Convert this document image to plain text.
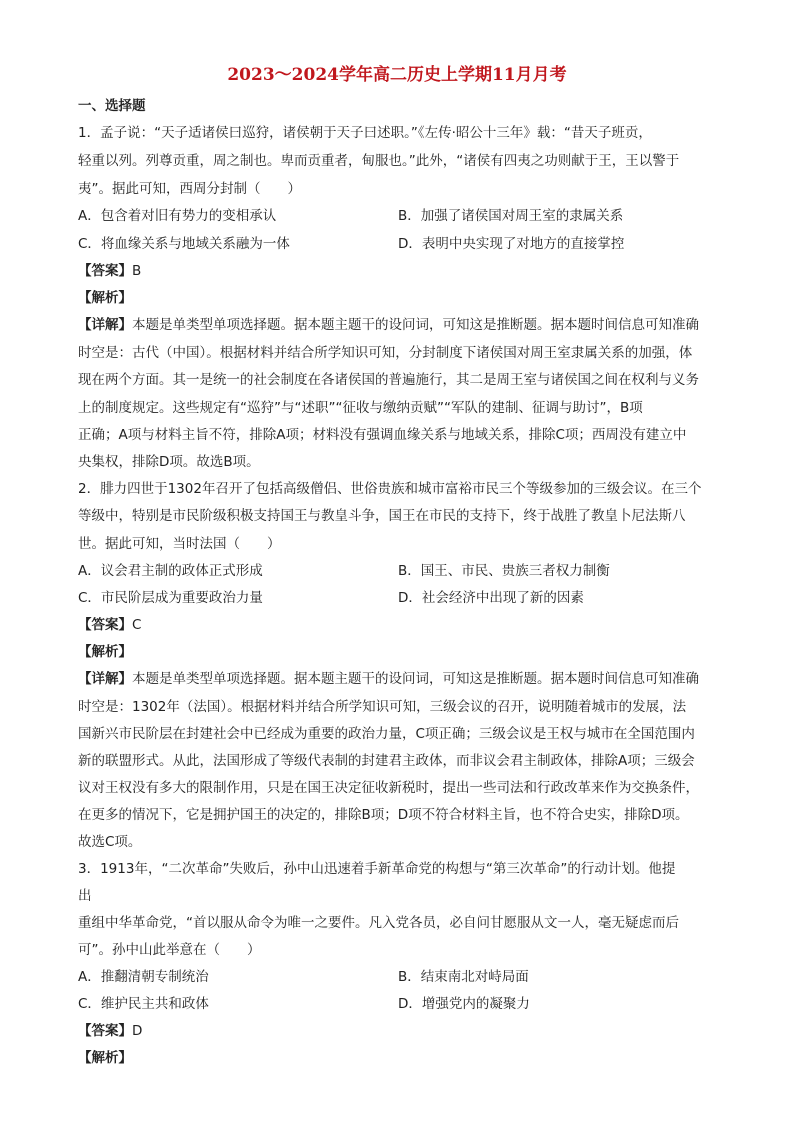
2023～2024学年高二历史上学期11月月考
一、选择题
1．孟子说：“天子适诸侯曰巡狩，诸侯朝于天子曰述职。”《左传·昭公十三年》载：“昔天子班贡，
轻重以列。列尊贡重，周之制也。卑而贡重者，甸服也。”此外，“诸侯有四夷之功则献于王，王以警于
夷”。据此可知，西周分封制（　　）
A．包含着对旧有势力的变相承认	B．加强了诸侯国对周王室的隶属关系
C．将血缘关系与地域关系融为一体	D．表明中央实现了对地方的直接掌控
【答案】B
【解析】
【详解】本题是单类型单项选择题。据本题主题干的设问词，可知这是推断题。据本题时间信息可知准确
时空是：古代（中国）。根据材料并结合所学知识可知，分封制度下诸侯国对周王室隶属关系的加强，体
现在两个方面。其一是统一的社会制度在各诸侯国的普遍施行，其二是周王室与诸侯国之间在权利与义务
上的制度规定。这些规定有“巡狩”与“述职”“征收与缴纳贡赋”“军队的建制、征调与助讨”，B项
正确；A项与材料主旨不符，排除A项；材料没有强调血缘关系与地域关系，排除C项；西周没有建立中
央集权，排除D项。故选B项。
2．腓力四世于1302年召开了包括高级僧侣、世俗贵族和城市富裕市民三个等级参加的三级会议。在三个
等级中，特别是市民阶级积极支持国王与教皇斗争，国王在市民的支持下，终于战胜了教皇卜尼法斯八
世。据此可知，当时法国（　　）
A．议会君主制的政体正式形成	B．国王、市民、贵族三者权力制衡
C．市民阶层成为重要政治力量	D．社会经济中出现了新的因素
【答案】C
【解析】
【详解】本题是单类型单项选择题。据本题主题干的设问词，可知这是推断题。据本题时间信息可知准确
时空是：1302年（法国）。根据材料并结合所学知识可知，三级会议的召开，说明随着城市的发展，法
国新兴市民阶层在封建社会中已经成为重要的政治力量，C项正确；三级会议是王权与城市在全国范围内
新的联盟形式。从此，法国形成了等级代表制的封建君主政体，而非议会君主制政体，排除A项；三级会
议对王权没有多大的限制作用，只是在国王决定征收新税时，提出一些司法和行政改革来作为交换条件，
在更多的情况下，它是拥护国王的决定的，排除B项；D项不符合材料主旨，也不符合史实，排除D项。
故选C项。
3．1913年，“二次革命”失败后，孙中山迅速着手新革命党的构想与“第三次革命”的行动计划。他提
出
重组中华革命党，“首以服从命令为唯一之要件。凡入党各员，必自问甘愿服从文一人，毫无疑虑而后
可”。孙中山此举意在（　　）
A．推翻清朝专制统治	B．结束南北对峙局面
C．维护民主共和政体	D．增强党内的凝聚力
【答案】D
【解析】
